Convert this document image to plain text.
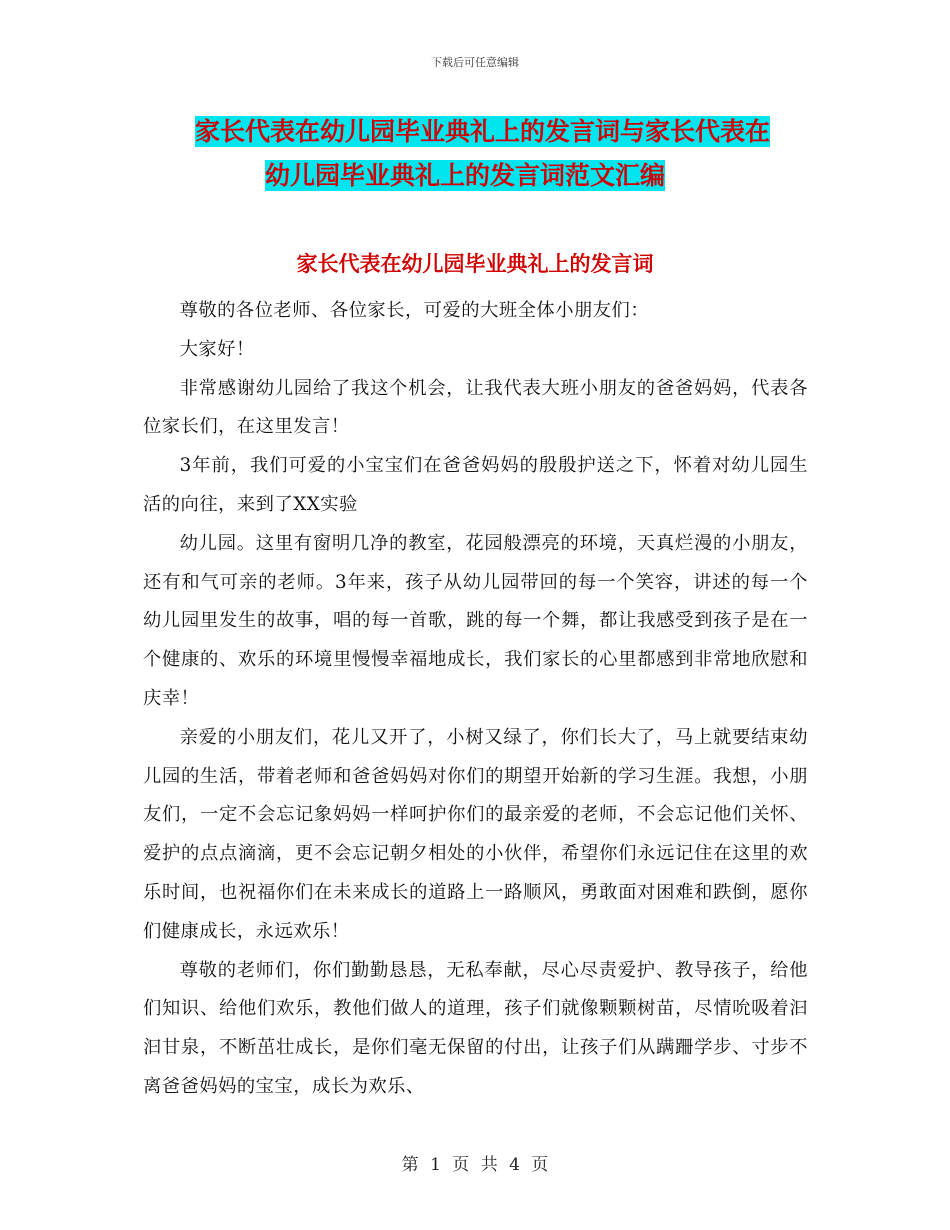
下载后可任意编辑
家长代表在幼儿园毕业典礼上的发言词与家长代表在
幼儿园毕业典礼上的发言词范文汇编
家长代表在幼儿园毕业典礼上的发言词

尊敬的各位老师、各位家长，可爱的大班全体小朋友们：

大家好！

非常感谢幼儿园给了我这个机会，让我代表大班小朋友的爸爸妈妈，代表各位家长们，在这里发言！

3年前，我们可爱的小宝宝们在爸爸妈妈的殷殷护送之下，怀着对幼儿园生活的向往，来到了XX实验

幼儿园。这里有窗明几净的教室，花园般漂亮的环境，天真烂漫的小朋友，还有和气可亲的老师。3年来，孩子从幼儿园带回的每一个笑容，讲述的每一个幼儿园里发生的故事，唱的每一首歌，跳的每一个舞，都让我感受到孩子是在一个健康的、欢乐的环境里慢慢幸福地成长，我们家长的心里都感到非常地欣慰和庆幸！

亲爱的小朋友们，花儿又开了，小树又绿了，你们长大了，马上就要结束幼儿园的生活，带着老师和爸爸妈妈对你们的期望开始新的学习生涯。我想，小朋友们，一定不会忘记象妈妈一样呵护你们的最亲爱的老师，不会忘记他们关怀、爱护的点点滴滴，更不会忘记朝夕相处的小伙伴，希望你们永远记住在这里的欢乐时间，也祝福你们在未来成长的道路上一路顺风，勇敢面对困难和跌倒，愿你们健康成长，永远欢乐！

尊敬的老师们，你们勤勤恳恳，无私奉献，尽心尽责爱护、教导孩子，给他们知识、给他们欢乐，教他们做人的道理，孩子们就像颗颗树苗，尽情吮吸着汩汩甘泉，不断茁壮成长，是你们毫无保留的付出，让孩子们从蹒跚学步、寸步不离爸爸妈妈的宝宝，成长为欢乐、

第 1 页 共 4 页
